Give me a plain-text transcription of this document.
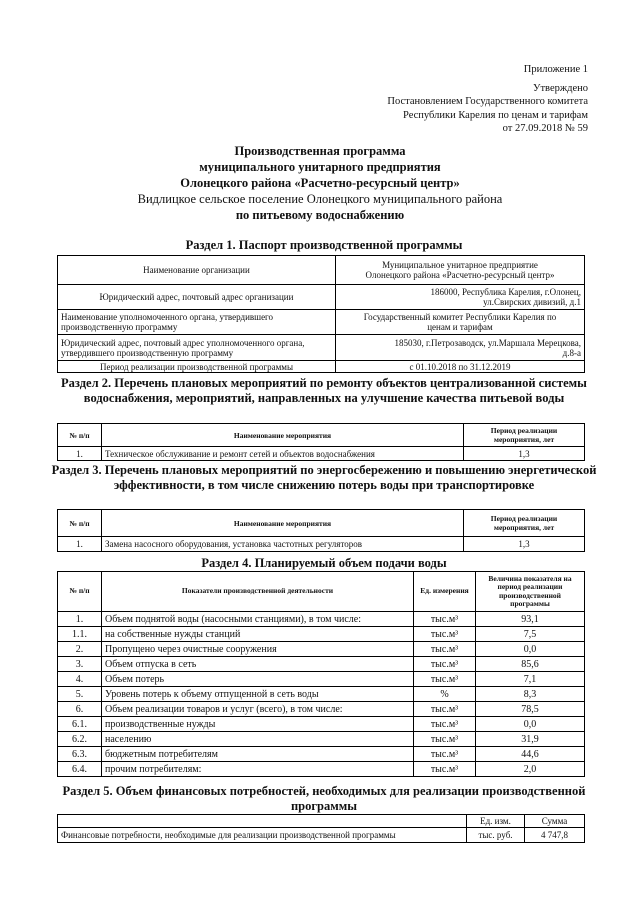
Приложение 1
Утверждено
Постановлением Государственного комитета
Республики Карелия по ценам и тарифам
от 27.09.2018 № 59
Производственная программа
муниципального унитарного предприятия
Олонецкого района «Расчетно-ресурсный центр»
Видлицкое сельское поселение Олонецкого муниципального района
по питьевому водоснабжению
Раздел 1. Паспорт производственной программы
Наименование организации	Муниципальное унитарное предприятие
Олонецкого района «Расчетно-ресурсный центр»

Юридический адрес, почтовый адрес организации	186000, Республика Карелия, г.Олонец,
ул.Свирских дивизий, д.1

Наименование уполномоченного органа, утвердившего производственную программу	Государственный комитет Республики Карелия по
ценам и тарифам

Юридический адрес, почтовый адрес уполномоченного органа, утвердившего производственную программу	185030, г.Петрозаводск, ул.Маршала Мерецкова,
д.8-а

Период реализации производственной программы	с 01.10.2018 по 31.12.2019
Раздел 2. Перечень плановых мероприятий по ремонту объектов централизованной системы водоснабжения, мероприятий, направленных на улучшение качества питьевой воды
№ п/п	Наименование мероприятия	Период реализации мероприятия, лет
1.	Техническое обслуживание и ремонт сетей и объектов водоснабжения	1,3
Раздел 3. Перечень плановых мероприятий по энергосбережению и повышению энергетической эффективности, в том числе снижению потерь воды при транспортировке
№ п/п	Наименование мероприятия	Период реализации мероприятия, лет
1.	Замена насосного оборудования, установка частотных регуляторов	1,3
Раздел 4. Планируемый объем подачи воды
№ п/п	Показатели производственной деятельности	Ед. измерения	Величина показателя на период реализации производственной программы
1.	Объем поднятой воды (насосными станциями), в том числе:	тыс.м³	93,1
1.1.	на собственные нужды станций	тыс.м³	7,5
2.	Пропущено через очистные сооружения	тыс.м³	0,0
3.	Объем отпуска в сеть	тыс.м³	85,6
4.	Объем потерь	тыс.м³	7,1
5.	Уровень потерь к объему отпущенной в сеть воды	%	8,3
6.	Объем реализации товаров и услуг (всего), в том числе:	тыс.м³	78,5
6.1.	производственные нужды	тыс.м³	0,0
6.2.	населению	тыс.м³	31,9
6.3.	бюджетным потребителям	тыс.м³	44,6
6.4.	прочим потребителям:	тыс.м³	2,0
Раздел 5. Объем финансовых потребностей, необходимых для реализации производственной программы
	Ед. изм.	Сумма
Финансовые потребности, необходимые для реализации производственной программы	тыс. руб.	4 747,8
